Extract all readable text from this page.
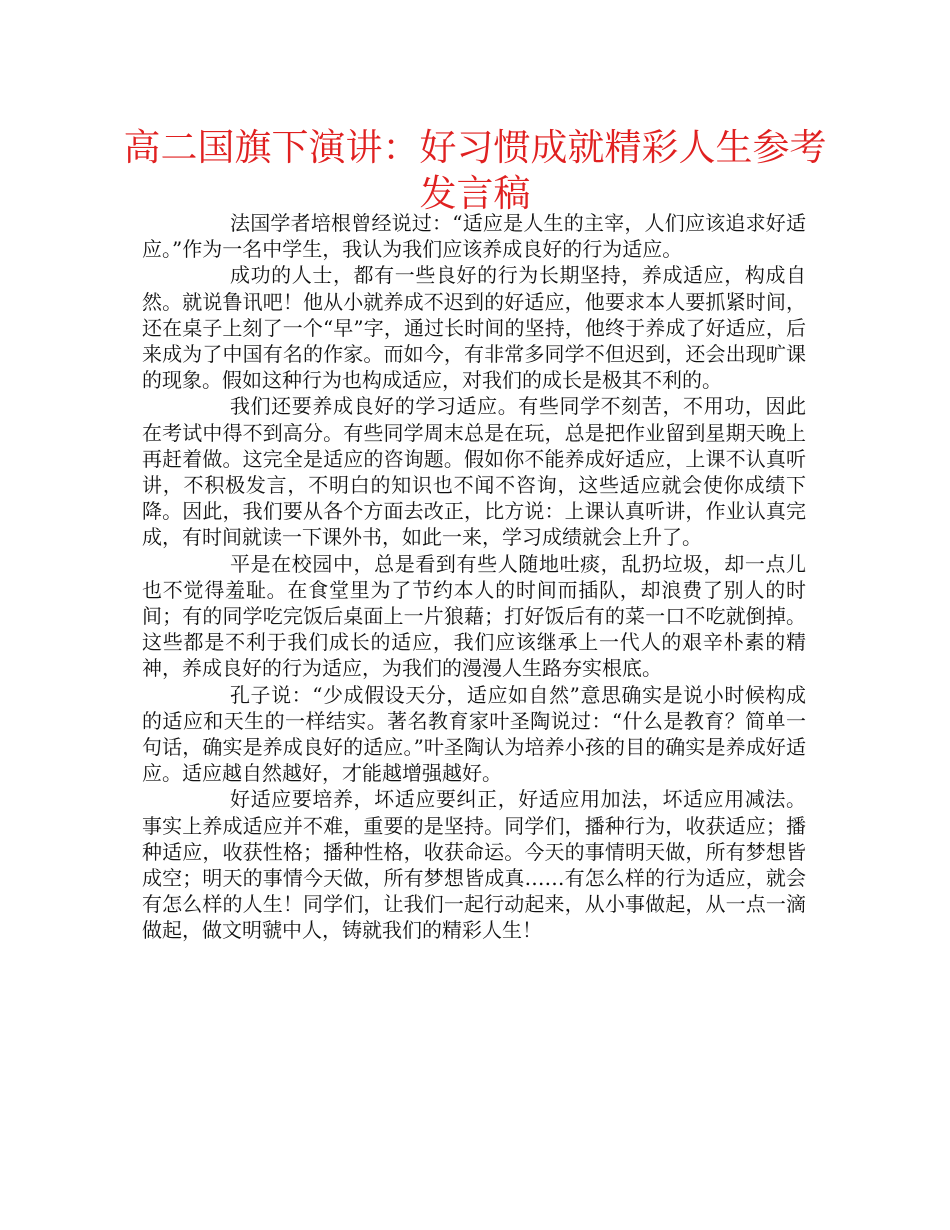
高二国旗下演讲：好习惯成就精彩人生参考发言稿

法国学者培根曾经说过：“适应是人生的主宰，人们应该追求好适应。”作为一名中学生，我认为我们应该养成良好的行为适应。

成功的人士，都有一些良好的行为长期坚持，养成适应，构成自然。就说鲁讯吧！他从小就养成不迟到的好适应，他要求本人要抓紧时间，还在桌子上刻了一个“早”字，通过长时间的坚持，他终于养成了好适应，后来成为了中国有名的作家。而如今，有非常多同学不但迟到，还会出现旷课的现象。假如这种行为也构成适应，对我们的成长是极其不利的。

我们还要养成良好的学习适应。有些同学不刻苦，不用功，因此在考试中得不到高分。有些同学周末总是在玩，总是把作业留到星期天晚上再赶着做。这完全是适应的咨询题。假如你不能养成好适应，上课不认真听讲，不积极发言，不明白的知识也不闻不咨询，这些适应就会使你成绩下降。因此，我们要从各个方面去改正，比方说：上课认真听讲，作业认真完成，有时间就读一下课外书，如此一来，学习成绩就会上升了。

平是在校园中，总是看到有些人随地吐痰，乱扔垃圾，却一点儿也不觉得羞耻。在食堂里为了节约本人的时间而插队，却浪费了别人的时间；有的同学吃完饭后桌面上一片狼藉；打好饭后有的菜一口不吃就倒掉。这些都是不利于我们成长的适应，我们应该继承上一代人的艰辛朴素的精神，养成良好的行为适应，为我们的漫漫人生路夯实根底。

孔子说：“少成假设天分，适应如自然”意思确实是说小时候构成的适应和天生的一样结实。著名教育家叶圣陶说过：“什么是教育？简单一句话，确实是养成良好的适应。”叶圣陶认为培养小孩的目的确实是养成好适应。适应越自然越好，才能越增强越好。

好适应要培养，坏适应要纠正，好适应用加法，坏适应用减法。事实上养成适应并不难，重要的是坚持。同学们，播种行为，收获适应；播种适应，收获性格；播种性格，收获命运。今天的事情明天做，所有梦想皆成空；明天的事情今天做，所有梦想皆成真……有怎么样的行为适应，就会有怎么样的人生！同学们，让我们一起行动起来，从小事做起，从一点一滴做起，做文明虢中人，铸就我们的精彩人生！
